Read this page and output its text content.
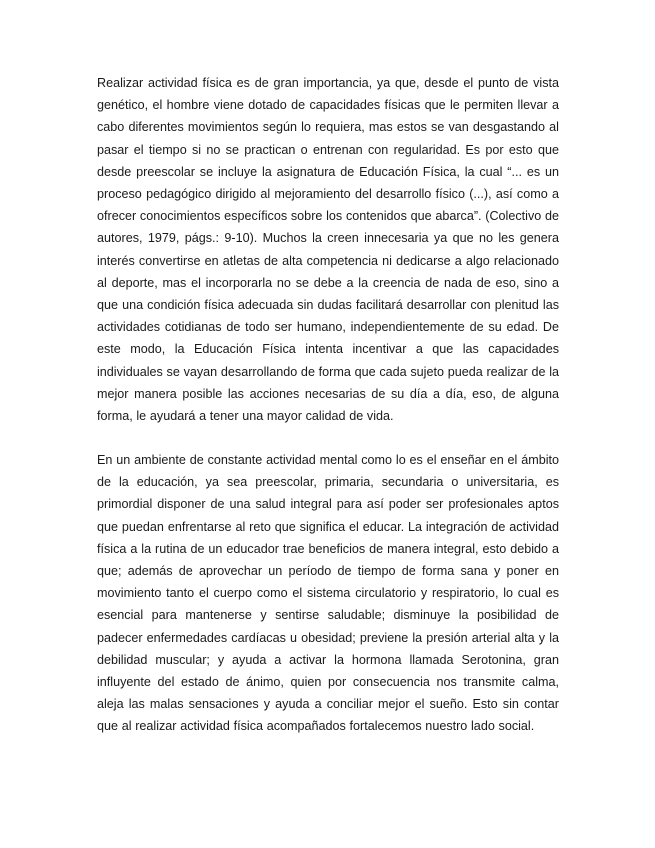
Realizar actividad física es de gran importancia, ya que, desde el punto de vista genético, el hombre viene dotado de capacidades físicas que le permiten llevar a cabo diferentes movimientos según lo requiera, mas estos se van desgastando al pasar el tiempo si no se practican o entrenan con regularidad. Es por esto que desde preescolar se incluye la asignatura de Educación Física, la cual “... es un proceso pedagógico dirigido al mejoramiento del desarrollo físico (...), así como a ofrecer conocimientos específicos sobre los contenidos que abarca”. (Colectivo de autores, 1979, págs.: 9-10). Muchos la creen innecesaria ya que no les genera interés convertirse en atletas de alta competencia ni dedicarse a algo relacionado al deporte, mas el incorporarla no se debe a la creencia de nada de eso, sino a que una condición física adecuada sin dudas facilitará desarrollar con plenitud las actividades cotidianas de todo ser humano, independientemente de su edad. De este modo, la Educación Física intenta incentivar a que las capacidades individuales se vayan desarrollando de forma que cada sujeto pueda realizar de la mejor manera posible las acciones necesarias de su día a día, eso, de alguna forma, le ayudará a tener una mayor calidad de vida.

En un ambiente de constante actividad mental como lo es el enseñar en el ámbito de la educación, ya sea preescolar, primaria, secundaria o universitaria, es primordial disponer de una salud integral para así poder ser profesionales aptos que puedan enfrentarse al reto que significa el educar. La integración de actividad física a la rutina de un educador trae beneficios de manera integral, esto debido a que; además de aprovechar un período de tiempo de forma sana y poner en movimiento tanto el cuerpo como el sistema circulatorio y respiratorio, lo cual es esencial para mantenerse y sentirse saludable; disminuye la posibilidad de padecer enfermedades cardíacas u obesidad; previene la presión arterial alta y la debilidad muscular; y ayuda a activar la hormona llamada Serotonina, gran influyente del estado de ánimo, quien por consecuencia nos transmite calma, aleja las malas sensaciones y ayuda a conciliar mejor el sueño. Esto sin contar que al realizar actividad física acompañados fortalecemos nuestro lado social.
